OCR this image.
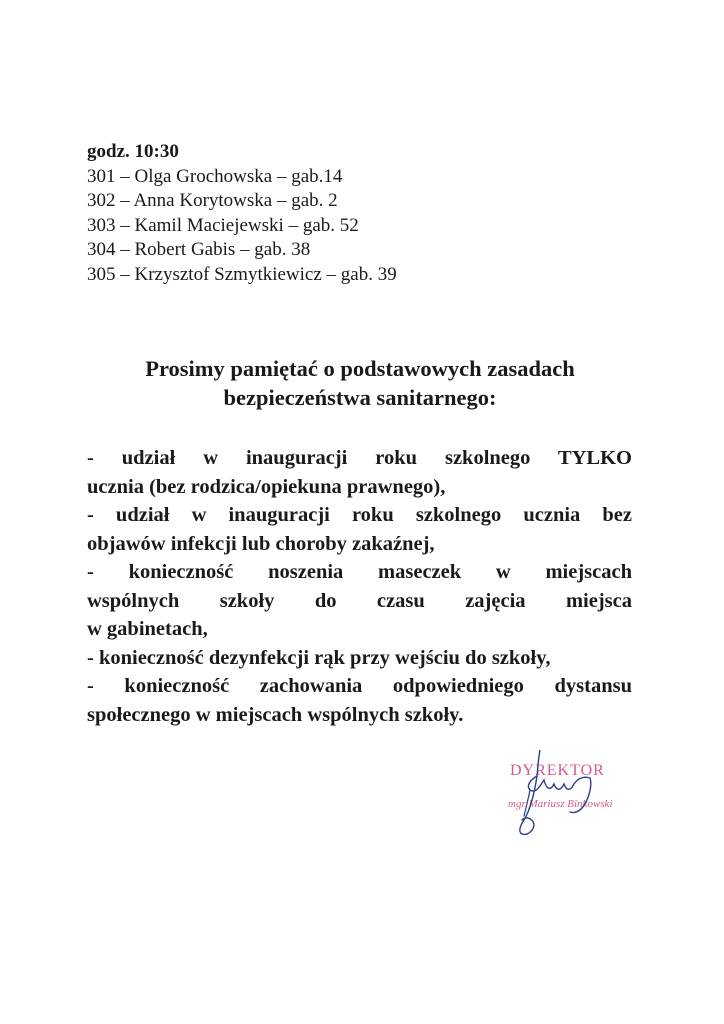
godz. 10:30
301 – Olga Grochowska – gab.14
302 – Anna Korytowska – gab. 2
303 – Kamil Maciejewski – gab. 52
304 – Robert Gabis – gab. 38
305 – Krzysztof Szmytkiewicz – gab. 39
Prosimy pamiętać o podstawowych zasadach
bezpieczeństwa sanitarnego:
- udział w inauguracji roku szkolnego TYLKO
ucznia (bez rodzica/opiekuna prawnego),
- udział w inauguracji roku szkolnego ucznia bez
objawów infekcji lub choroby zakaźnej,
- konieczność noszenia maseczek w miejscach
wspólnych szkoły do czasu zajęcia miejsca
w gabinetach,
- konieczność dezynfekcji rąk przy wejściu do szkoły,
- konieczność zachowania odpowiedniego dystansu
społecznego w miejscach wspólnych szkoły.
DYREKTOR
mgr Mariusz Binkowski
